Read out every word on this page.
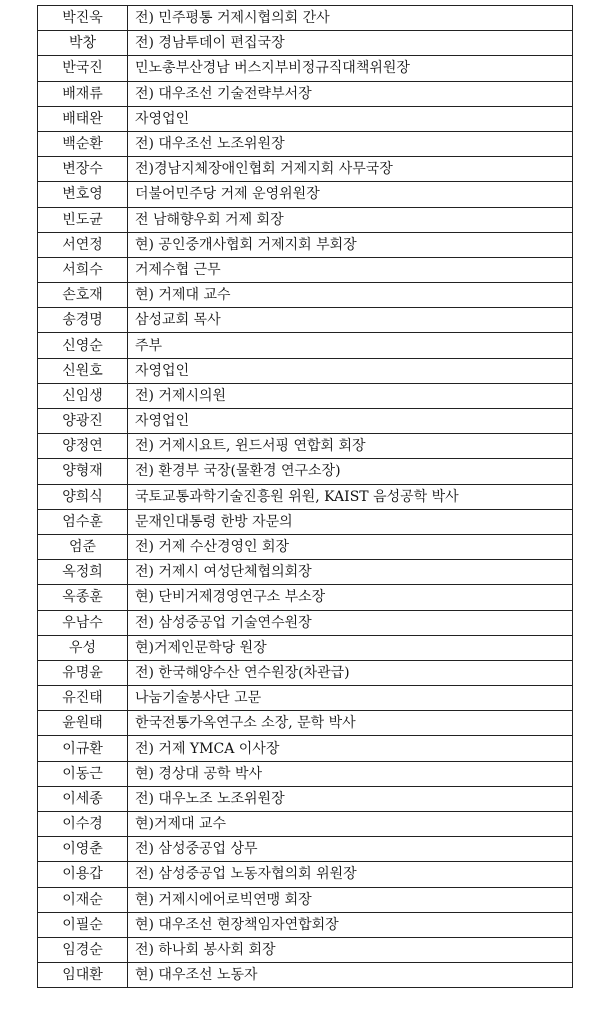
박진욱	전) 민주평통 거제시협의회 간사
박창	전) 경남투데이 편집국장
반국진	민노총부산경남 버스지부비정규직대책위원장
배재류	전) 대우조선 기술전략부서장
배태완	자영업인
백순환	전) 대우조선 노조위원장
변장수	전)경남지체장애인협회 거제지회 사무국장
변호영	더불어민주당 거제 운영위원장
빈도균	전 남해향우회 거제 회장
서연정	현) 공인중개사협회 거제지회 부회장
서희수	거제수협 근무
손호재	현) 거제대 교수
송경명	삼성교회 목사
신영순	주부
신원호	자영업인
신임생	전) 거제시의원
양광진	자영업인
양정연	전) 거제시요트, 윈드서핑 연합회 회장
양형재	전) 환경부 국장(물환경 연구소장)
양희식	국토교통과학기술진흥원 위원, KAIST 음성공학 박사
엄수훈	문재인대통령 한방 자문의
엄준	전) 거제 수산경영인 회장
옥정희	전) 거제시 여성단체협의회장
옥종훈	현) 단비거제경영연구소 부소장
우남수	전) 삼성중공업 기술연수원장
우성	현)거제인문학당 원장
유명윤	전) 한국해양수산 연수원장(차관급)
유진태	나눔기술봉사단 고문
윤원태	한국전통가옥연구소 소장, 문학 박사
이규환	전) 거제 YMCA 이사장
이동근	현) 경상대 공학 박사
이세종	전) 대우노조 노조위원장
이수경	현)거제대 교수
이영춘	전) 삼성중공업 상무
이용갑	전) 삼성중공업 노동자협의회 위원장
이재순	현) 거제시에어로빅연맹 회장
이필순	현) 대우조선 현장책임자연합회장
임경순	전) 하나회 봉사회 회장
임대환	현) 대우조선 노동자
